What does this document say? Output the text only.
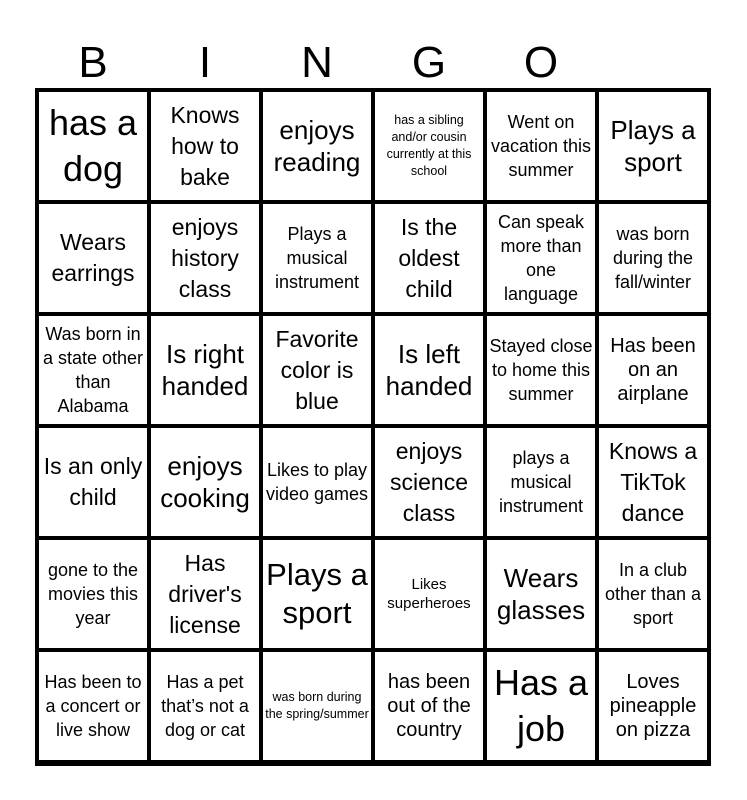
B	I	N	G	O
has a dog
Knows how to bake
enjoys reading
has a sibling and/or cousin currently at this school
Went on vacation this summer
Plays a sport
Wears earrings
enjoys history class
Plays a musical instrument
Is the oldest child
Can speak more than one language
was born during the fall/winter
Was born in a state other than Alabama
Is right handed
Favorite color is blue
Is left handed
Stayed close to home this summer
Has been on an airplane
Is an only child
enjoys cooking
Likes to play video games
enjoys science class
plays a musical instrument
Knows a TikTok dance
gone to the movies this year
Has driver's license
Plays a sport
Likes superheroes
Wears glasses
In a club other than a sport
Has been to a concert or live show
Has a pet that’s not a dog or cat
was born during the spring/summer
has been out of the country
Has a job
Loves pineapple on pizza
